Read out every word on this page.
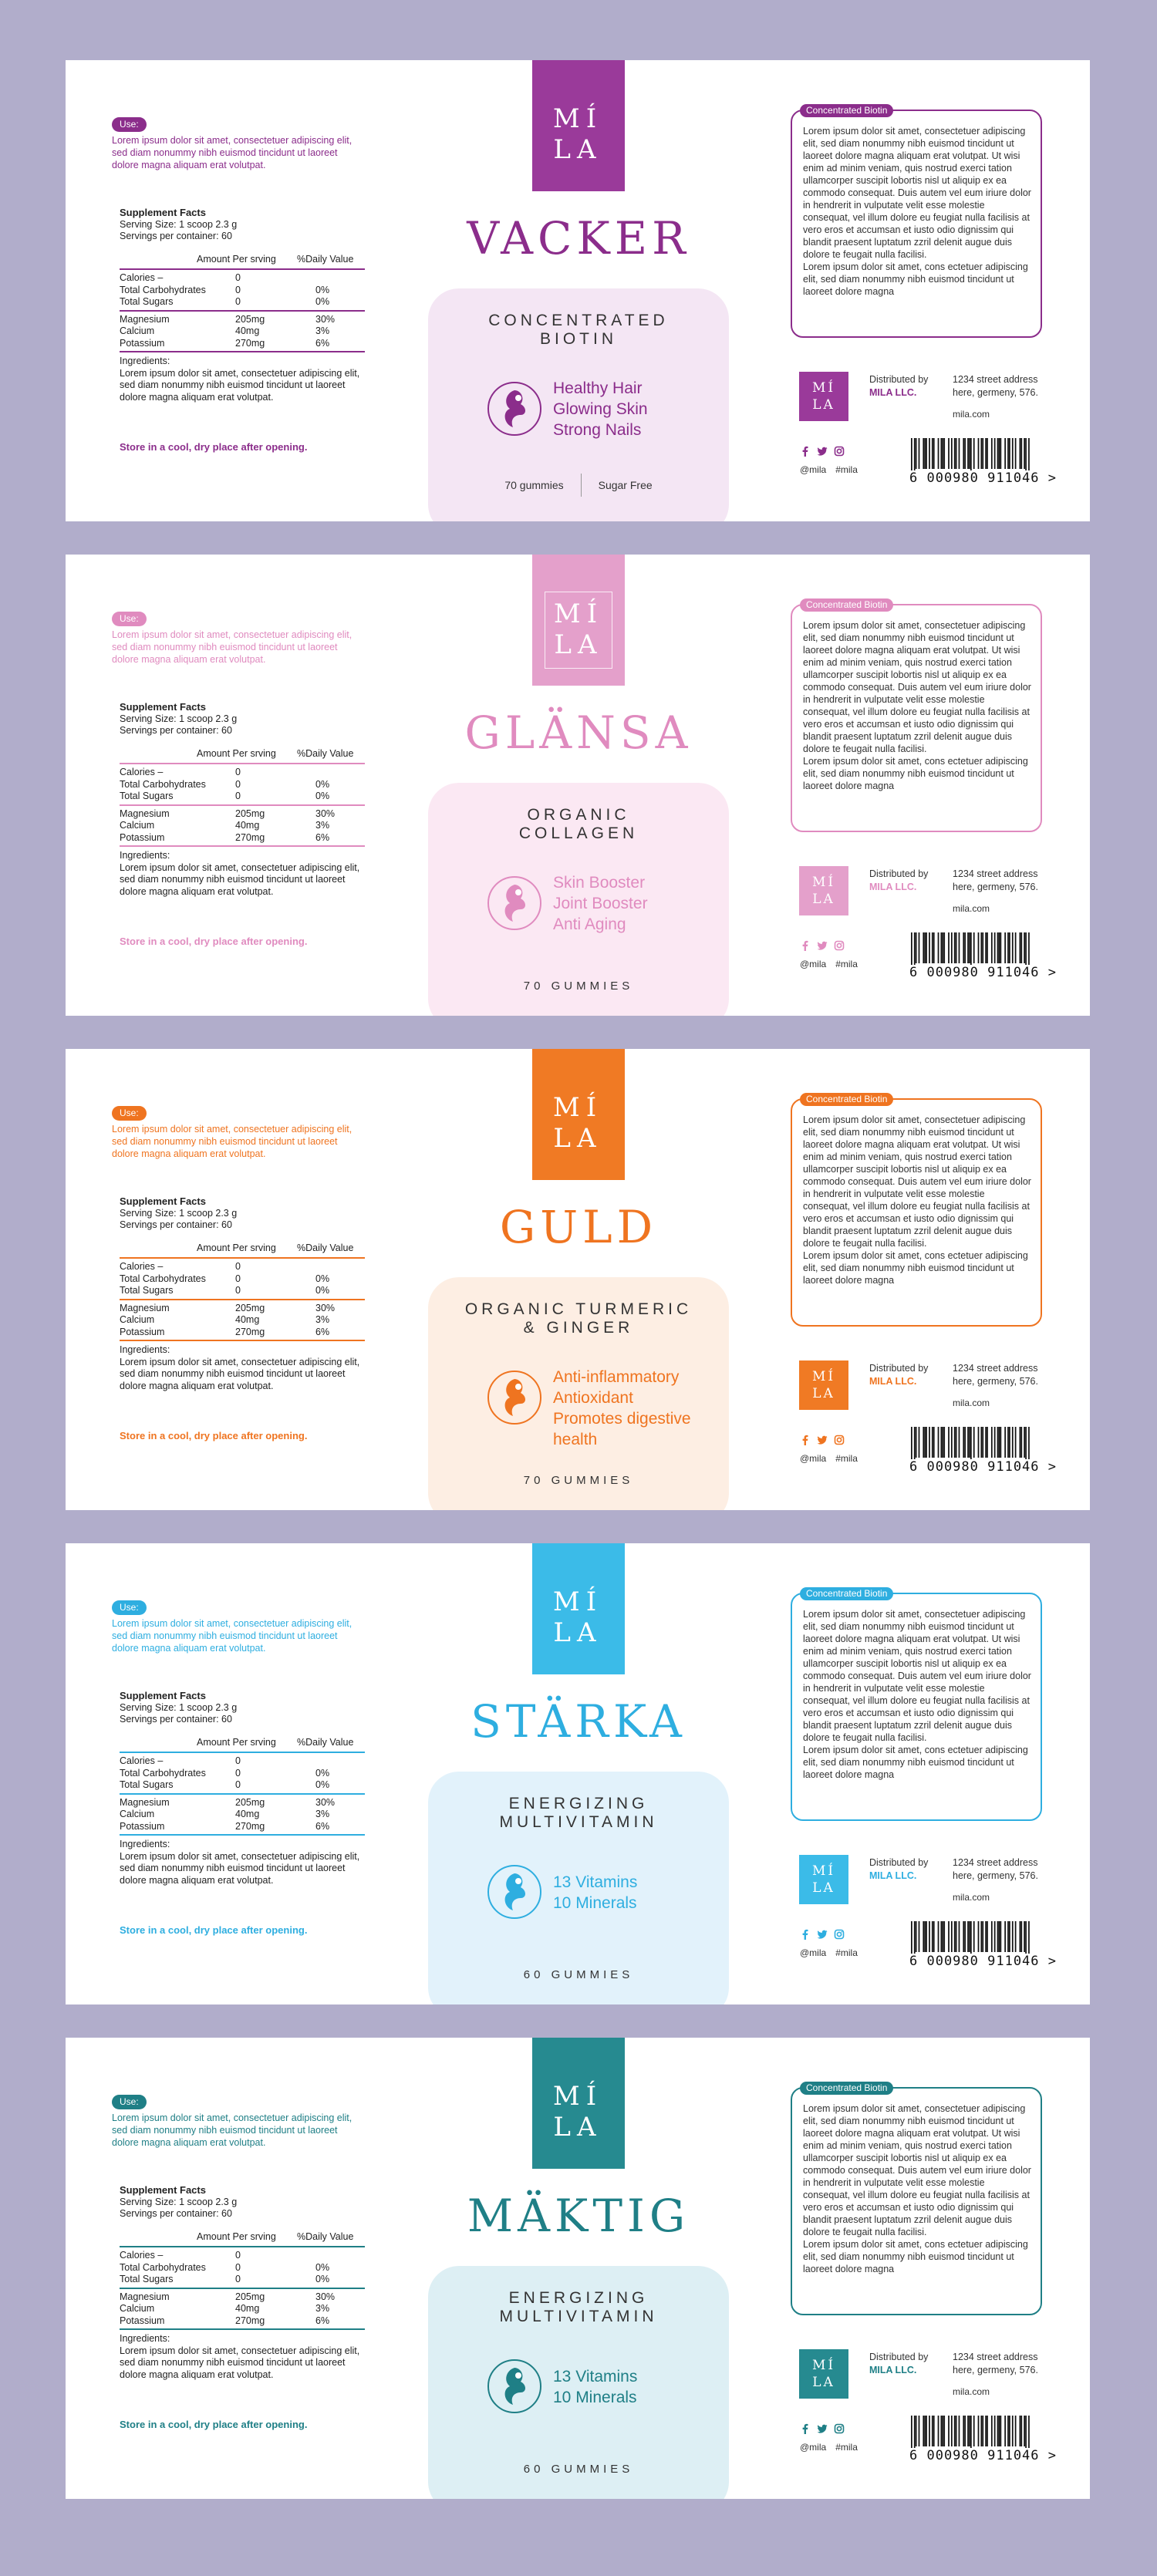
Use:
Lorem ipsum dolor sit amet, consectetuer adipiscing elit, sed diam nonummy nibh euismod tincidunt ut laoreet dolore magna aliquam erat volutpat.
Supplement Facts
Serving Size: 1 scoop 2.3 g
Servings per container: 60
Amount Per srving	%Daily Value
Calories –	0
Total Carbohydrates	0	0%
Total Sugars	0	0%
Magnesium	205mg	30%
Calcium	40mg	3%
Potassium	270mg	6%
Ingredients:
Lorem ipsum dolor sit amet, consectetuer adipiscing elit, sed diam nonummy nibh euismod tincidunt ut laoreet dolore magna aliquam erat volutpat.
Store in a cool, dry place after opening.
MÍ
LA
VACKER
CONCENTRATED
BIOTIN
Healthy Hair
Glowing Skin
Strong Nails
70 gummies	Sugar Free
Concentrated Biotin
Lorem ipsum dolor sit amet, consectetuer adipiscing elit, sed diam nonummy nibh euismod tincidunt ut laoreet dolore magna aliquam erat volutpat. Ut wisi enim ad minim veniam, quis nostrud exerci tation ullamcorper suscipit lobortis nisl ut aliquip ex ea commodo consequat. Duis autem vel eum iriure dolor in hendrerit in vulputate velit esse molestie consequat, vel illum dolore eu feugiat nulla facilisis at vero eros et accumsan et iusto odio dignissim qui blandit praesent luptatum zzril delenit augue duis dolore te feugait nulla facilisi.
Lorem ipsum dolor sit amet, cons ectetuer adipiscing elit, sed diam nonummy nibh euismod tincidunt ut laoreet dolore magna
MÍ
LA
Distributed by
MILA LLC.
1234 street address
here, germeny, 576.
mila.com
@mila #mila
6 000980 911046 >
Use:
Lorem ipsum dolor sit amet, consectetuer adipiscing elit, sed diam nonummy nibh euismod tincidunt ut laoreet dolore magna aliquam erat volutpat.
Supplement Facts
Serving Size: 1 scoop 2.3 g
Servings per container: 60
Amount Per srving	%Daily Value
Calories –	0
Total Carbohydrates	0	0%
Total Sugars	0	0%
Magnesium	205mg	30%
Calcium	40mg	3%
Potassium	270mg	6%
Ingredients:
Lorem ipsum dolor sit amet, consectetuer adipiscing elit, sed diam nonummy nibh euismod tincidunt ut laoreet dolore magna aliquam erat volutpat.
Store in a cool, dry place after opening.
MÍ
LA
GLÄNSA
ORGANIC
COLLAGEN
Skin Booster
Joint Booster
Anti Aging
70 GUMMIES
Concentrated Biotin
Lorem ipsum dolor sit amet, consectetuer adipiscing elit, sed diam nonummy nibh euismod tincidunt ut laoreet dolore magna aliquam erat volutpat. Ut wisi enim ad minim veniam, quis nostrud exerci tation ullamcorper suscipit lobortis nisl ut aliquip ex ea commodo consequat. Duis autem vel eum iriure dolor in hendrerit in vulputate velit esse molestie consequat, vel illum dolore eu feugiat nulla facilisis at vero eros et accumsan et iusto odio dignissim qui blandit praesent luptatum zzril delenit augue duis dolore te feugait nulla facilisi.
Lorem ipsum dolor sit amet, cons ectetuer adipiscing elit, sed diam nonummy nibh euismod tincidunt ut laoreet dolore magna
MÍ
LA
Distributed by
MILA LLC.
1234 street address
here, germeny, 576.
mila.com
@mila #mila
6 000980 911046 >
Use:
Lorem ipsum dolor sit amet, consectetuer adipiscing elit, sed diam nonummy nibh euismod tincidunt ut laoreet dolore magna aliquam erat volutpat.
Supplement Facts
Serving Size: 1 scoop 2.3 g
Servings per container: 60
Amount Per srving	%Daily Value
Calories –	0
Total Carbohydrates	0	0%
Total Sugars	0	0%
Magnesium	205mg	30%
Calcium	40mg	3%
Potassium	270mg	6%
Ingredients:
Lorem ipsum dolor sit amet, consectetuer adipiscing elit, sed diam nonummy nibh euismod tincidunt ut laoreet dolore magna aliquam erat volutpat.
Store in a cool, dry place after opening.
MÍ
LA
GULD
ORGANIC TURMERIC
& GINGER
Anti-inflammatory
Antioxidant
Promotes digestive health
70 GUMMIES
Concentrated Biotin
Lorem ipsum dolor sit amet, consectetuer adipiscing elit, sed diam nonummy nibh euismod tincidunt ut laoreet dolore magna aliquam erat volutpat. Ut wisi enim ad minim veniam, quis nostrud exerci tation ullamcorper suscipit lobortis nisl ut aliquip ex ea commodo consequat. Duis autem vel eum iriure dolor in hendrerit in vulputate velit esse molestie consequat, vel illum dolore eu feugiat nulla facilisis at vero eros et accumsan et iusto odio dignissim qui blandit praesent luptatum zzril delenit augue duis dolore te feugait nulla facilisi.
Lorem ipsum dolor sit amet, cons ectetuer adipiscing elit, sed diam nonummy nibh euismod tincidunt ut laoreet dolore magna
MÍ
LA
Distributed by
MILA LLC.
1234 street address
here, germeny, 576.
mila.com
@mila #mila
6 000980 911046 >
Use:
Lorem ipsum dolor sit amet, consectetuer adipiscing elit, sed diam nonummy nibh euismod tincidunt ut laoreet dolore magna aliquam erat volutpat.
Supplement Facts
Serving Size: 1 scoop 2.3 g
Servings per container: 60
Amount Per srving	%Daily Value
Calories –	0
Total Carbohydrates	0	0%
Total Sugars	0	0%
Magnesium	205mg	30%
Calcium	40mg	3%
Potassium	270mg	6%
Ingredients:
Lorem ipsum dolor sit amet, consectetuer adipiscing elit, sed diam nonummy nibh euismod tincidunt ut laoreet dolore magna aliquam erat volutpat.
Store in a cool, dry place after opening.
MÍ
LA
STÄRKA
ENERGIZING
MULTIVITAMIN
13 Vitamins
10 Minerals
60 GUMMIES
Concentrated Biotin
Lorem ipsum dolor sit amet, consectetuer adipiscing elit, sed diam nonummy nibh euismod tincidunt ut laoreet dolore magna aliquam erat volutpat. Ut wisi enim ad minim veniam, quis nostrud exerci tation ullamcorper suscipit lobortis nisl ut aliquip ex ea commodo consequat. Duis autem vel eum iriure dolor in hendrerit in vulputate velit esse molestie consequat, vel illum dolore eu feugiat nulla facilisis at vero eros et accumsan et iusto odio dignissim qui blandit praesent luptatum zzril delenit augue duis dolore te feugait nulla facilisi.
Lorem ipsum dolor sit amet, cons ectetuer adipiscing elit, sed diam nonummy nibh euismod tincidunt ut laoreet dolore magna
MÍ
LA
Distributed by
MILA LLC.
1234 street address
here, germeny, 576.
mila.com
@mila #mila
6 000980 911046 >
Use:
Lorem ipsum dolor sit amet, consectetuer adipiscing elit, sed diam nonummy nibh euismod tincidunt ut laoreet dolore magna aliquam erat volutpat.
Supplement Facts
Serving Size: 1 scoop 2.3 g
Servings per container: 60
Amount Per srving	%Daily Value
Calories –	0
Total Carbohydrates	0	0%
Total Sugars	0	0%
Magnesium	205mg	30%
Calcium	40mg	3%
Potassium	270mg	6%
Ingredients:
Lorem ipsum dolor sit amet, consectetuer adipiscing elit, sed diam nonummy nibh euismod tincidunt ut laoreet dolore magna aliquam erat volutpat.
Store in a cool, dry place after opening.
MÍ
LA
MÄKTIG
ENERGIZING
MULTIVITAMIN
13 Vitamins
10 Minerals
60 GUMMIES
Concentrated Biotin
Lorem ipsum dolor sit amet, consectetuer adipiscing elit, sed diam nonummy nibh euismod tincidunt ut laoreet dolore magna aliquam erat volutpat. Ut wisi enim ad minim veniam, quis nostrud exerci tation ullamcorper suscipit lobortis nisl ut aliquip ex ea commodo consequat. Duis autem vel eum iriure dolor in hendrerit in vulputate velit esse molestie consequat, vel illum dolore eu feugiat nulla facilisis at vero eros et accumsan et iusto odio dignissim qui blandit praesent luptatum zzril delenit augue duis dolore te feugait nulla facilisi.
Lorem ipsum dolor sit amet, cons ectetuer adipiscing elit, sed diam nonummy nibh euismod tincidunt ut laoreet dolore magna
MÍ
LA
Distributed by
MILA LLC.
1234 street address
here, germeny, 576.
mila.com
@mila #mila
6 000980 911046 >
